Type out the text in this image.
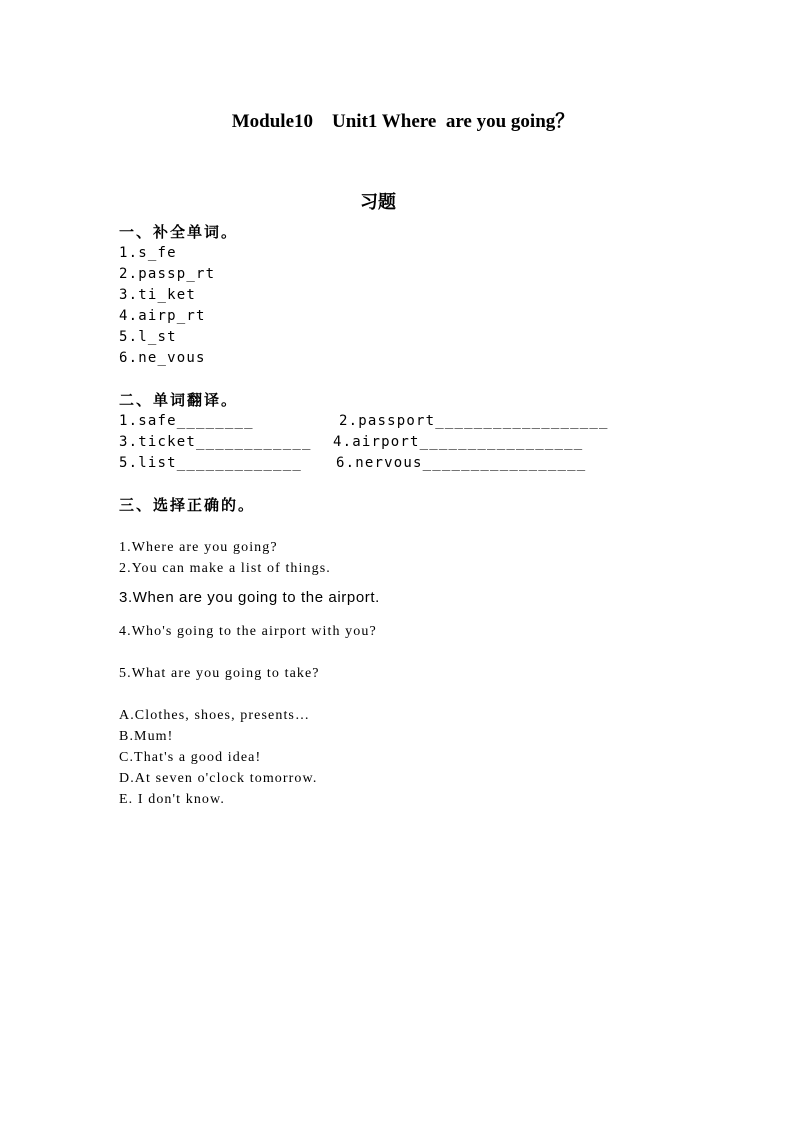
Module10    Unit1 Where  are you going？
习题
一、补全单词。
1.s_fe
2.passp_rt
3.ti_ket
4.airp_rt
5.l_st
6.ne_vous
二、单词翻译。
1.safe________	2.passport__________________
3.ticket____________ 4.airport_________________
5.list_____________ 6.nervous_________________
三、选择正确的。
1.Where are you going?
2.You can make a list of things.
3.When are you going to the airport.
4.Who's going to the airport with you?
5.What are you going to take?
A.Clothes, shoes, presents…
B.Mum!
C.That's a good idea!
D.At seven o'clock tomorrow.
E. I don't know.
